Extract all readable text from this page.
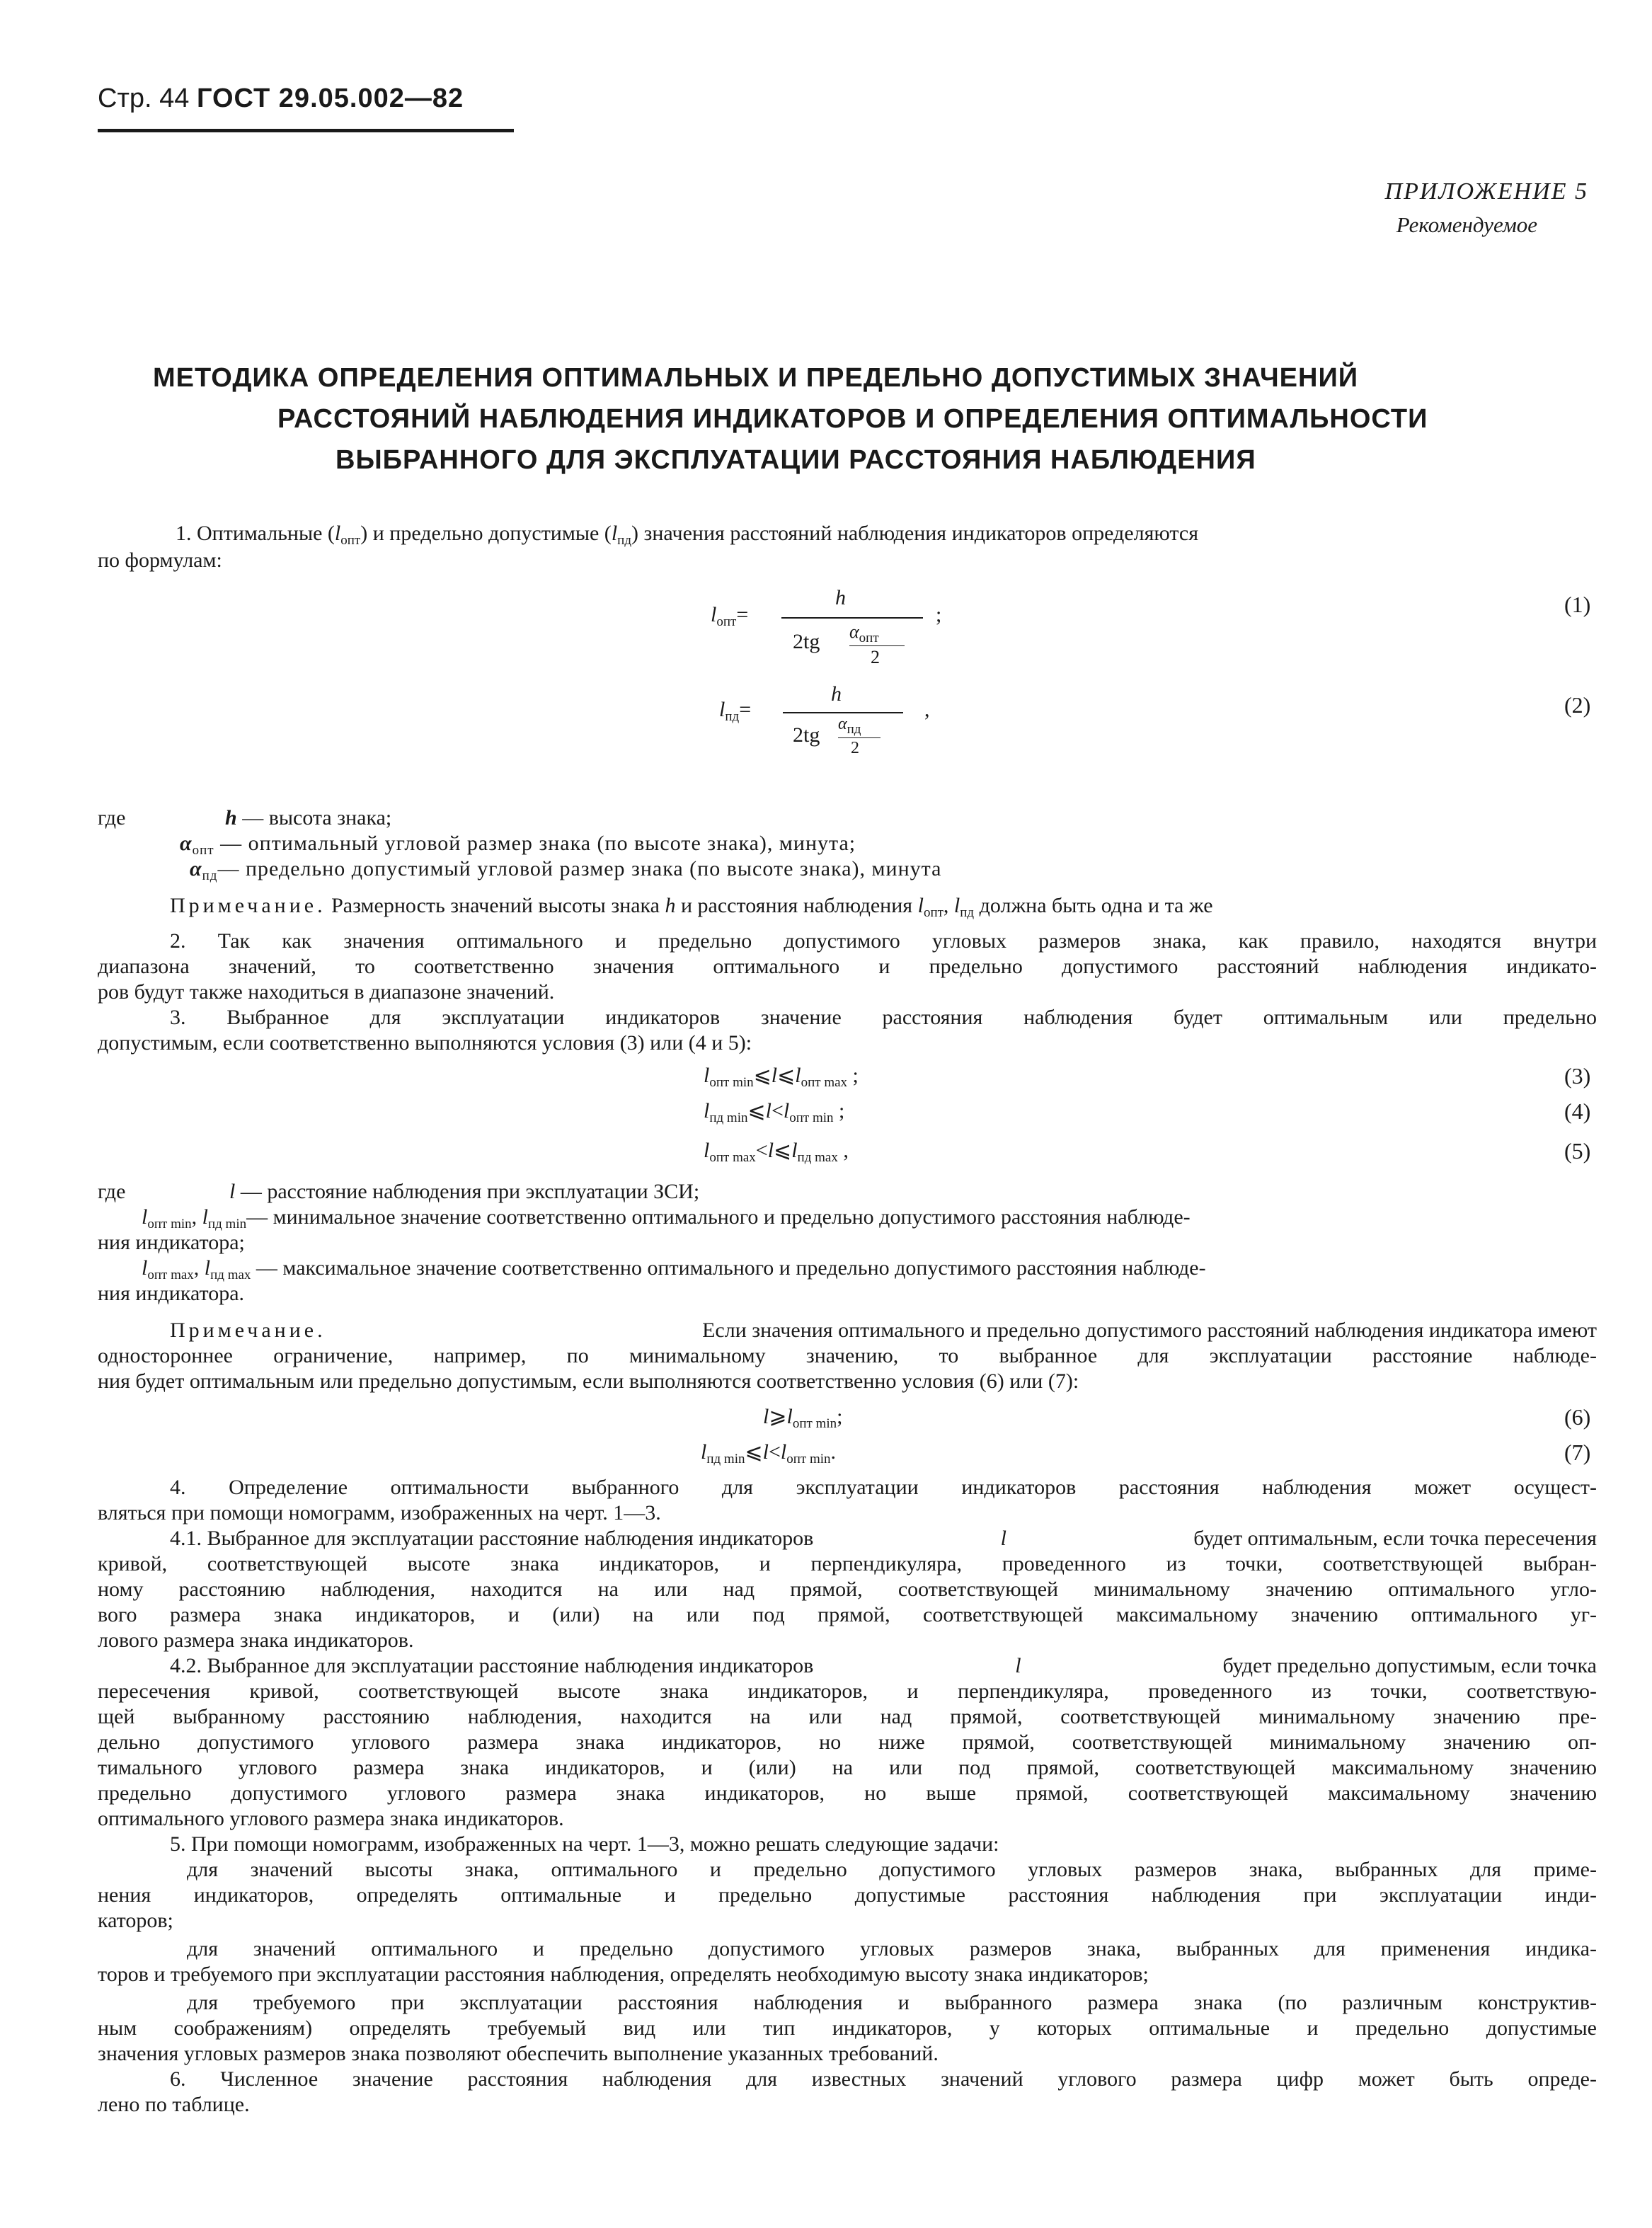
Стр. 44 ГОСТ 29.05.002—82
ПРИЛОЖЕНИЕ 5
Рекомендуемое
МЕТОДИКА ОПРЕДЕЛЕНИЯ ОПТИМАЛЬНЫХ И ПРЕДЕЛЬНО ДОПУСТИМЫХ ЗНАЧЕНИЙ
РАССТОЯНИЙ НАБЛЮДЕНИЯ ИНДИКАТОРОВ И ОПРЕДЕЛЕНИЯ ОПТИМАЛЬНОСТИ
ВЫБРАННОГО ДЛЯ ЭКСПЛУАТАЦИИ РАССТОЯНИЯ НАБЛЮДЕНИЯ
1. Оптимальные $(l_{опт})$ и предельно допустимые $(l_{пд})$ значения расстояний наблюдения индикаторов определяются
по формулам:
$l_{опт}=$
h
2tg $\alpha_{опт}$
2
;	(1)
$l_{пд}=$
h
2tg $\alpha_{пд}$
2
,	(2)
где	h — высота знака;
$\alpha_{опт}$ — оптимальный угловой размер знака (по высоте знака), минута;
$\alpha_{пд}—$ предельно допустимый угловой размер знака (по высоте знака), минута
Примечание. Размерность значений высоты знака h и расстояния наблюдения $l_{опт}$, $l_{пд}$ должна быть одна и та же
2. Так как значения оптимального и предельно допустимого угловых размеров знака, как правило, находятся внутри
диапазона значений, то соответственно значения оптимального и предельно допустимого расстояний наблюдения индикато-
ров будут также находиться в диапазоне значений.
3. Выбранное для эксплуатации индикаторов значение расстояния наблюдения будет оптимальным или предельно
допустимым, если соответственно выполняются условия (3) или (4 и 5):
$l_{опт min}⩽l⩽l_{опт max}$ ;	(3)
$l_{пд min}⩽l<l_{опт min}$ ;	(4)
$l_{опт max}<l⩽l_{пд max}$ ,	(5)
где	l — расстояние наблюдения при эксплуатации ЗСИ;
$l_{опт min}$, $l_{пд min}—$ минимальное значение соответственно оптимального и предельно допустимого расстояния наблюде-
ния индикатора;
$l_{опт max}$, $l_{пд max}$ — максимальное значение соответственно оптимального и предельно допустимого расстояния наблюде-
ния индикатора.
Примечание.	Если значения оптимального и предельно допустимого расстояний наблюдения индикатора имеют
одностороннее ограничение, например, по минимальному значению, то выбранное для эксплуатации расстояние наблюде-
ния будет оптимальным или предельно допустимым, если выполняются соответственно условия (6) или (7):
$l⩾l_{опт min}$;	(6)
$l_{пд min}⩽l<l_{опт min}$.	(7)
4. Определение оптимальности выбранного для эксплуатации индикаторов расстояния наблюдения может осущест-
вляться при помощи номограмм, изображенных на черт. 1—3.
4.1. Выбранное для эксплуатации расстояние наблюдения индикаторов	l	будет оптимальным, если точка пересечения
кривой, соответствующей высоте знака индикаторов, и перпендикуляра, проведенного из точки, соответствующей выбран-
ному расстоянию наблюдения, находится на или над прямой, соответствующей минимальному значению оптимального угло-
вого размера знака индикаторов, и (или) на или под прямой, соответствующей максимальному значению оптимального уг-
лового размера знака индикаторов.
4.2. Выбранное для эксплуатации расстояние наблюдения индикаторов	l	будет предельно допустимым, если точка
пересечения кривой, соответствующей высоте знака индикаторов, и перпендикуляра, проведенного из точки, соответствую-
щей выбранному расстоянию наблюдения, находится на или над прямой, соответствующей минимальному значению пре-
дельно допустимого углового размера знака индикаторов, но ниже прямой, соответствующей минимальному значению оп-
тимального углового размера знака индикаторов, и (или) на или под прямой, соответствующей максимальному значению
предельно допустимого углового размера знака индикаторов, но выше прямой, соответствующей максимальному значению
оптимального углового размера знака индикаторов.
5. При помощи номограмм, изображенных на черт. 1—3, можно решать следующие задачи:
для значений высоты знака, оптимального и предельно допустимого угловых размеров знака, выбранных для приме-
нения индикаторов, определять оптимальные и предельно допустимые расстояния наблюдения при эксплуатации инди-
каторов;
для значений оптимального и предельно допустимого угловых размеров знака, выбранных для применения индика-
торов и требуемого при эксплуатации расстояния наблюдения, определять необходимую высоту знака индикаторов;
для требуемого при эксплуатации расстояния наблюдения и выбранного размера знака (по различным конструктив-
ным соображениям) определять требуемый вид или тип индикаторов, у которых оптимальные и предельно допустимые
значения угловых размеров знака позволяют обеспечить выполнение указанных требований.
6. Численное значение расстояния наблюдения для известных значений углового размера цифр может быть опреде-
лено по таблице.
